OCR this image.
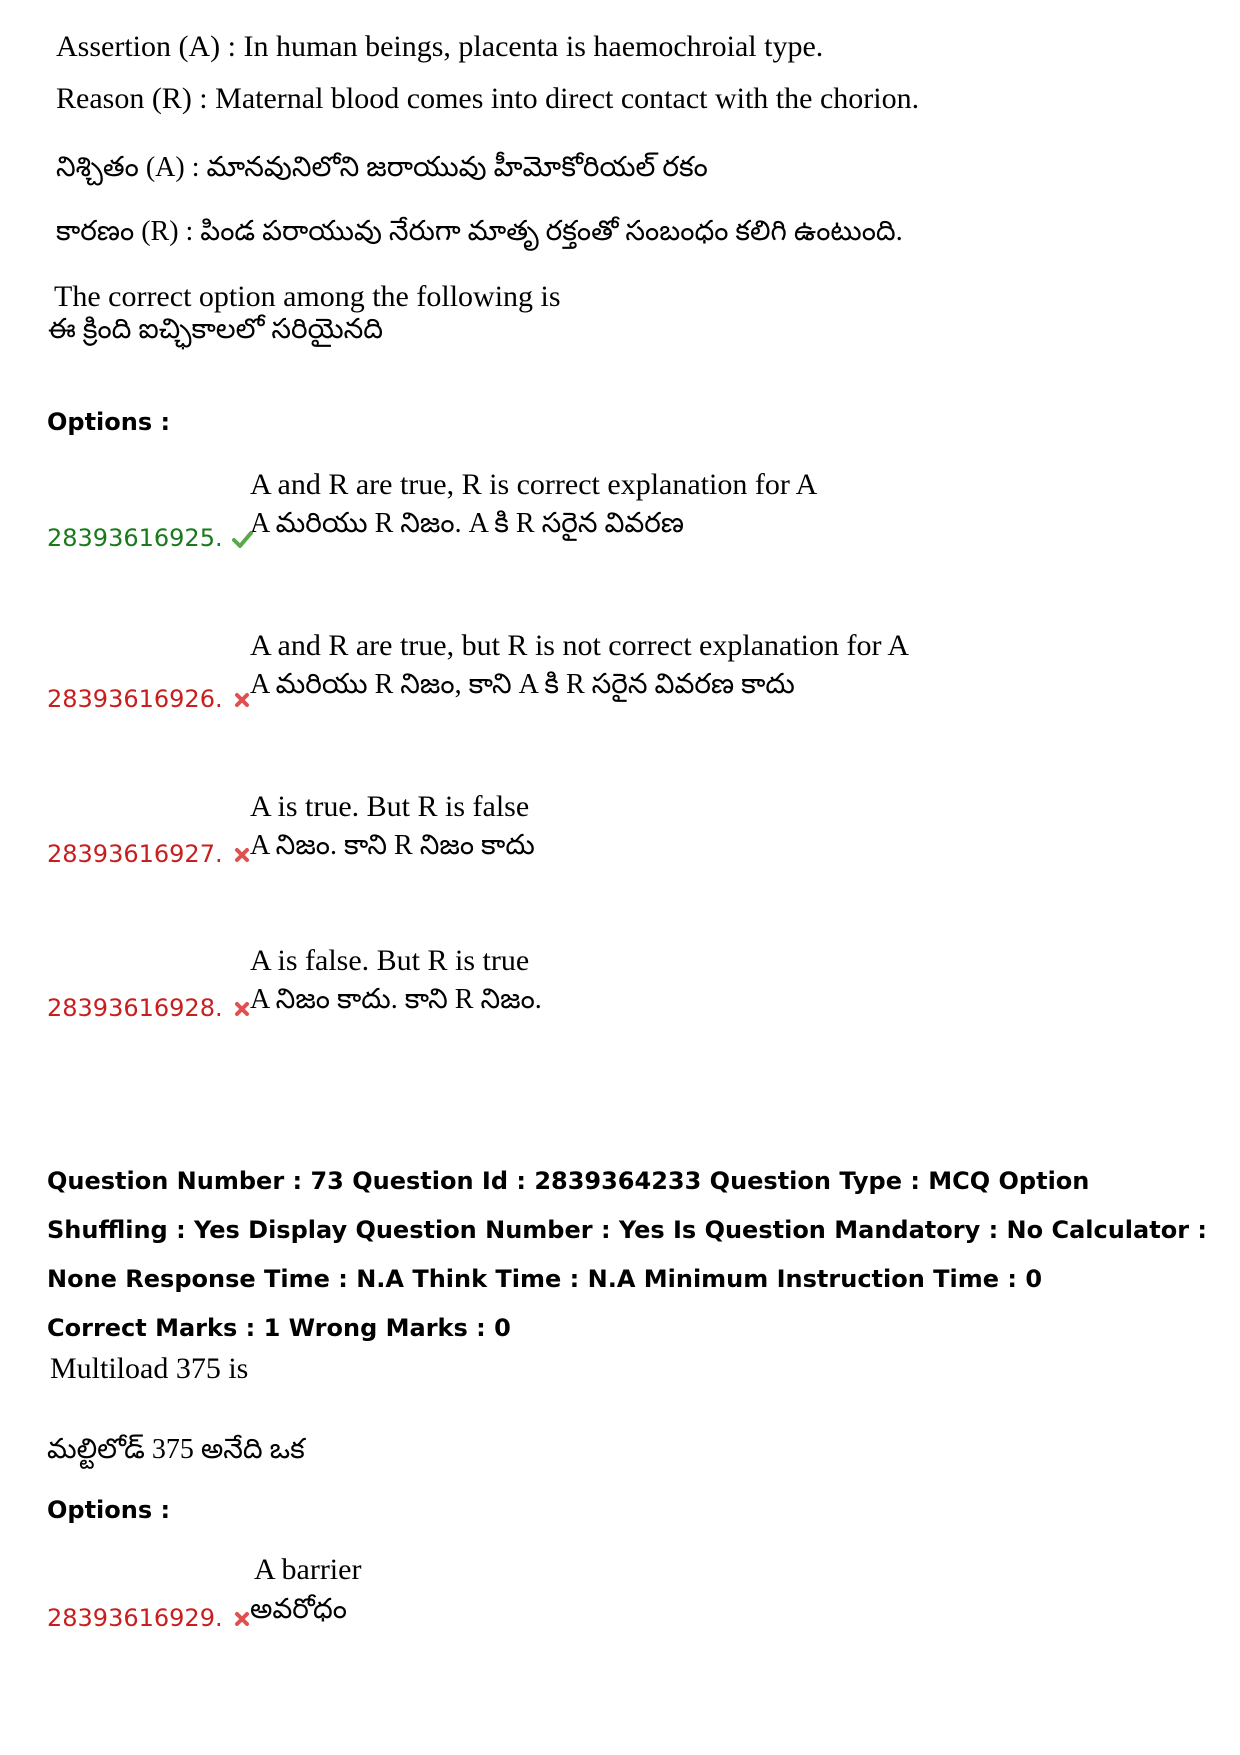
Assertion (A) : In human beings, placenta is haemochroial type.
Reason (R) : Maternal blood comes into direct contact with the chorion.
నిశ్చితం (A) : మానవునిలోని జరాయువు హీమోకోరియల్ రకం
కారణం (R) : పిండ పరాయువు నేరుగా మాతృ రక్తంతో సంబంధం కలిగి ఉంటుంది.
The correct option among the following is
ఈ క్రింది ఐచ్ఛికాలలో సరియైనది
Options :
A and R are true, R is correct explanation for A
A మరియు R నిజం. A కి R సరైన వివరణ
28393616925.
A and R are true, but R is not correct explanation for A
A మరియు R నిజం, కాని A కి R సరైన వివరణ కాదు
28393616926.
A is true. But R is false
A నిజం. కాని R నిజం కాదు
28393616927.
A is false. But R is true
A నిజం కాదు. కాని R నిజం.
28393616928.
Question Number : 73 Question Id : 2839364233 Question Type : MCQ Option Shuffling : Yes Display Question Number : Yes Is Question Mandatory : No Calculator : None Response Time : N.A Think Time : N.A Minimum Instruction Time : 0
Correct Marks : 1 Wrong Marks : 0
Multiload 375 is
మల్టిలోడ్ 375 అనేది ఒక
Options :
A barrier
అవరోధం
28393616929.
